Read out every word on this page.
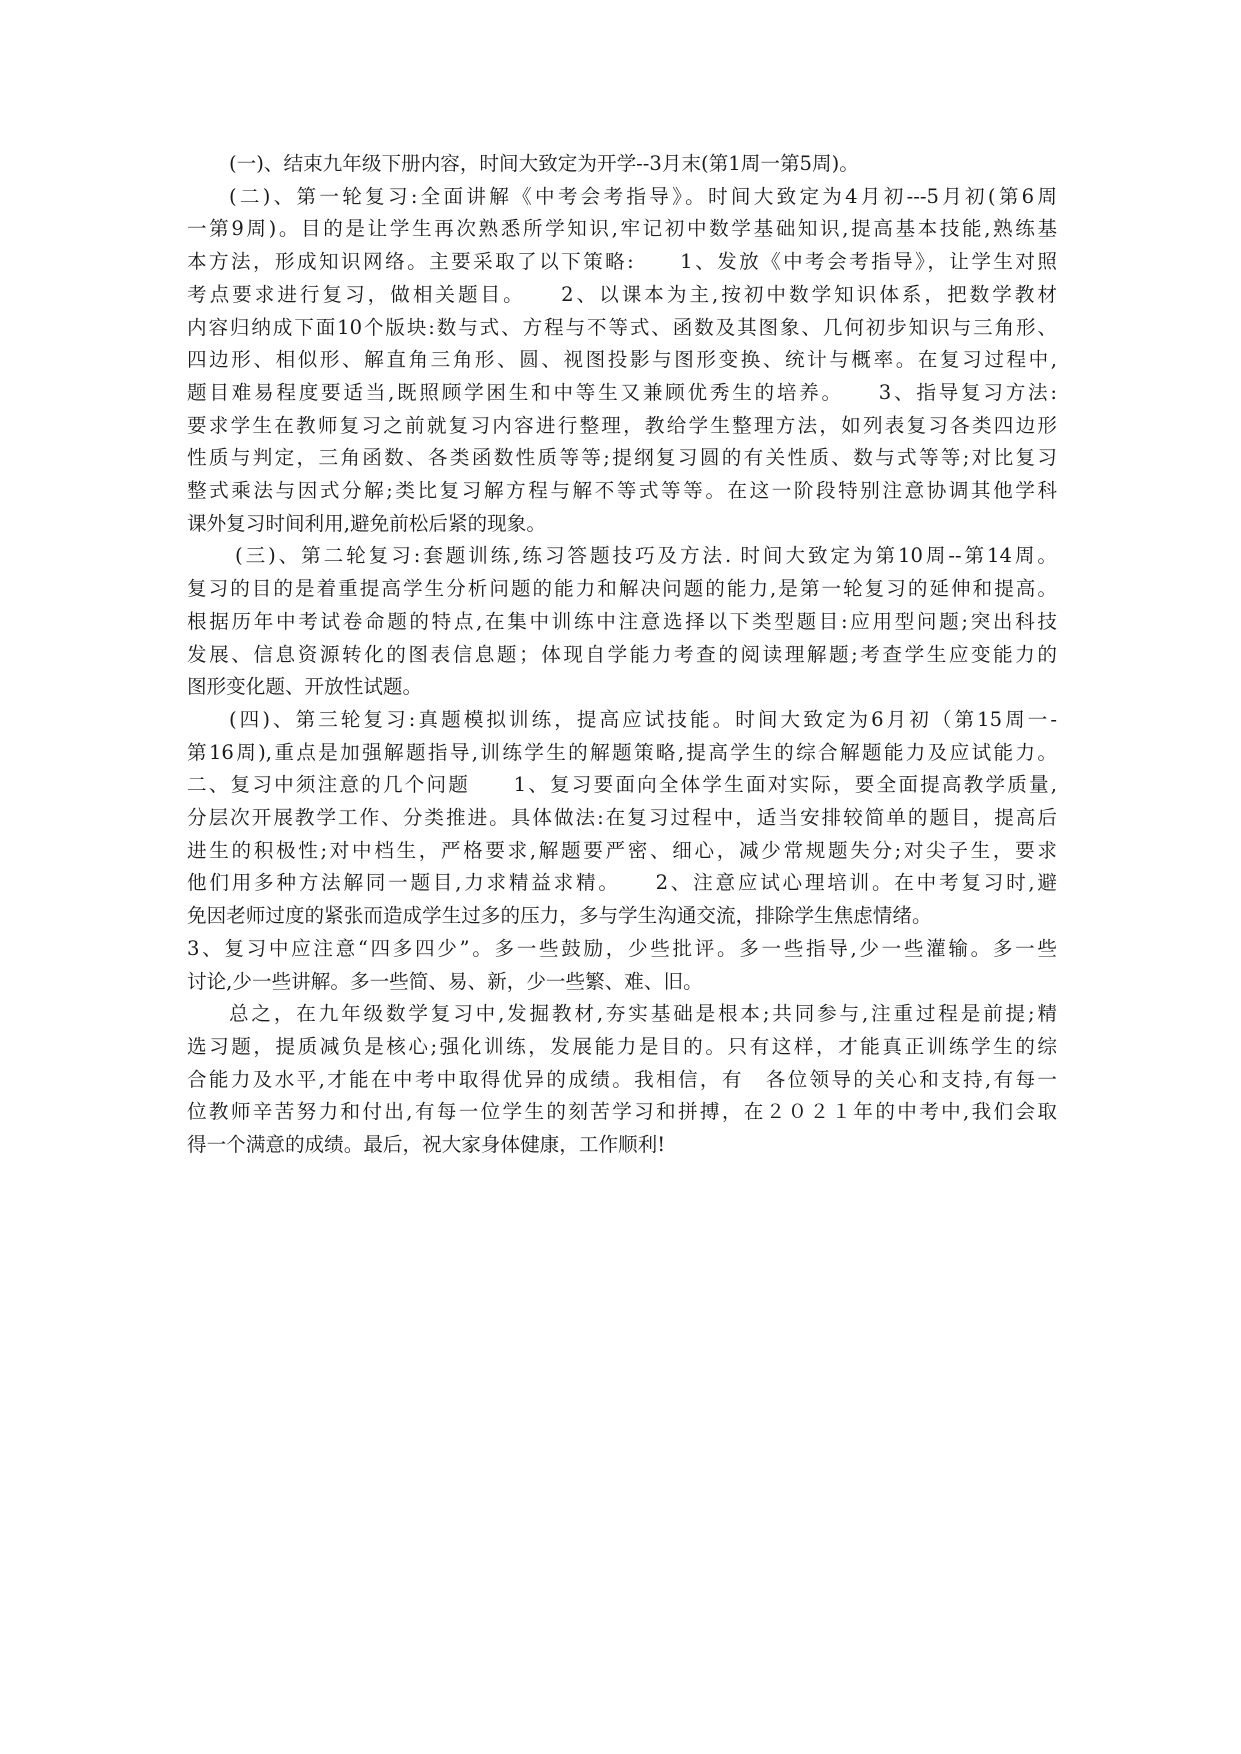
(一)、结束九年级下册内容，时间大致定为开学--3月末(第1周一第5周)。
(二)、第一轮复习:全面讲解《中考会考指导》。时间大致定为4月初---5月初(第6周
一第9周)。目的是让学生再次熟悉所学知识,牢记初中数学基础知识,提高基本技能,熟练基
本方法，形成知识网络。主要采取了以下策略:　　1、发放《中考会考指导》，让学生对照
考点要求进行复习，做相关题目。　　2、以课本为主,按初中数学知识体系，把数学教材
内容归纳成下面10个版块:数与式、方程与不等式、函数及其图象、几何初步知识与三角形、
四边形、相似形、解直角三角形、圆、视图投影与图形变换、统计与概率。在复习过程中,
题目难易程度要适当,既照顾学困生和中等生又兼顾优秀生的培养。　　3、指导复习方法:
要求学生在教师复习之前就复习内容进行整理，教给学生整理方法，如列表复习各类四边形
性质与判定，三角函数、各类函数性质等等;提纲复习圆的有关性质、数与式等等;对比复习
整式乘法与因式分解;类比复习解方程与解不等式等等。在这一阶段特别注意协调其他学科
课外复习时间利用,避免前松后紧的现象。
(三)、第二轮复习:套题训练,练习答题技巧及方法. 时间大致定为第10周--第14周。
复习的目的是着重提高学生分析问题的能力和解决问题的能力,是第一轮复习的延伸和提高。
根据历年中考试卷命题的特点,在集中训练中注意选择以下类型题目:应用型问题;突出科技
发展、信息资源转化的图表信息题；体现自学能力考查的阅读理解题;考查学生应变能力的
图形变化题、开放性试题。
(四)、第三轮复习:真题模拟训练，提高应试技能。时间大致定为6月初（第15周一-
第16周),重点是加强解题指导,训练学生的解题策略,提高学生的综合解题能力及应试能力。
二、复习中须注意的几个问题　　1、复习要面向全体学生面对实际，要全面提高教学质量,
分层次开展教学工作、分类推进。具体做法:在复习过程中，适当安排较简单的题目，提高后
进生的积极性;对中档生，严格要求,解题要严密、细心，减少常规题失分;对尖子生，要求
他们用多种方法解同一题目,力求精益求精。　　2、注意应试心理培训。在中考复习时,避
免因老师过度的紧张而造成学生过多的压力，多与学生沟通交流，排除学生焦虑情绪。
3、复习中应注意“四多四少”。多一些鼓励，少些批评。多一些指导,少一些灌输。多一些
讨论,少一些讲解。多一些简、易、新，少一些繁、难、旧。
总之，在九年级数学复习中,发掘教材,夯实基础是根本;共同参与,注重过程是前提;精
选习题，提质减负是核心;强化训练，发展能力是目的。只有这样，才能真正训练学生的综
合能力及水平,才能在中考中取得优异的成绩。我相信，有　各位领导的关心和支持,有每一
位教师辛苦努力和付出,有每一位学生的刻苦学习和拼搏，在２０２１年的中考中,我们会取
得一个满意的成绩。最后，祝大家身体健康，工作顺利!
